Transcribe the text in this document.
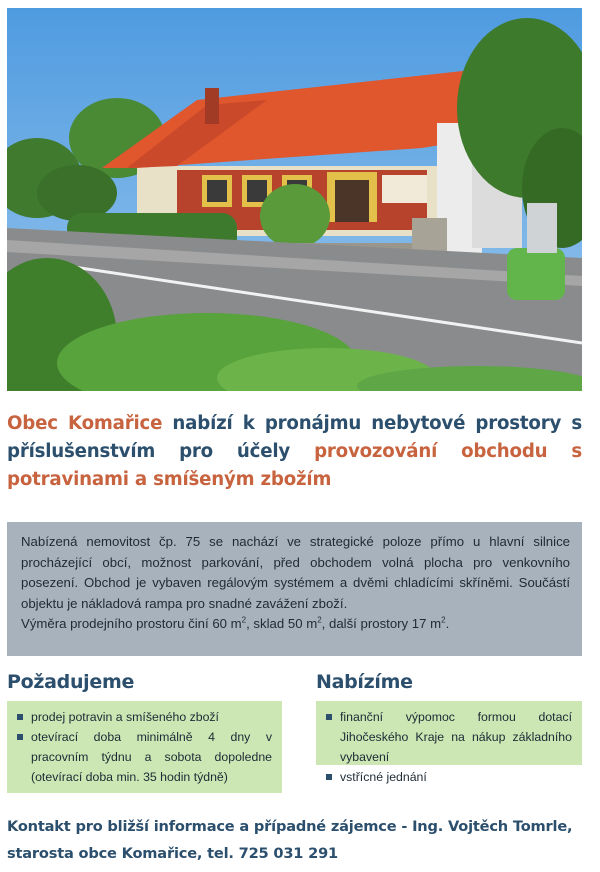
Obec Komařice nabízí k pronájmu nebytové prostory s příslušenstvím pro účely provozování obchodu s potravinami a smíšeným zbožím

Nabízená nemovitost čp. 75 se nachází ve strategické poloze přímo u hlavní silnice procházející obcí, možnost parkování, před obchodem volná plocha pro venkovního posezení. Obchod je vybaven regálovým systémem a dvěmi chladícími skříněmi. Součástí objektu je nákladová rampa pro snadné zavážení zboží.

Výměra prodejního prostoru činí 60 $m^2$, sklad 50 $m^2$, další prostory 17 $m^2$.

Požadujeme
prodej potravin a smíšeného zboží
otevírací doba minimálně 4 dny v pracovním týdnu a sobota dopoledne (otevírací doba min. 35 hodin týdně)
Nabízíme
finanční výpomoc formou dotací Jihočeského Kraje na nákup základního vybavení
vstřícné jednání
Kontakt pro bližší informace a případné zájemce - Ing. Vojtěch Tomrle, starosta obce Komařice, tel. 725 031 291
